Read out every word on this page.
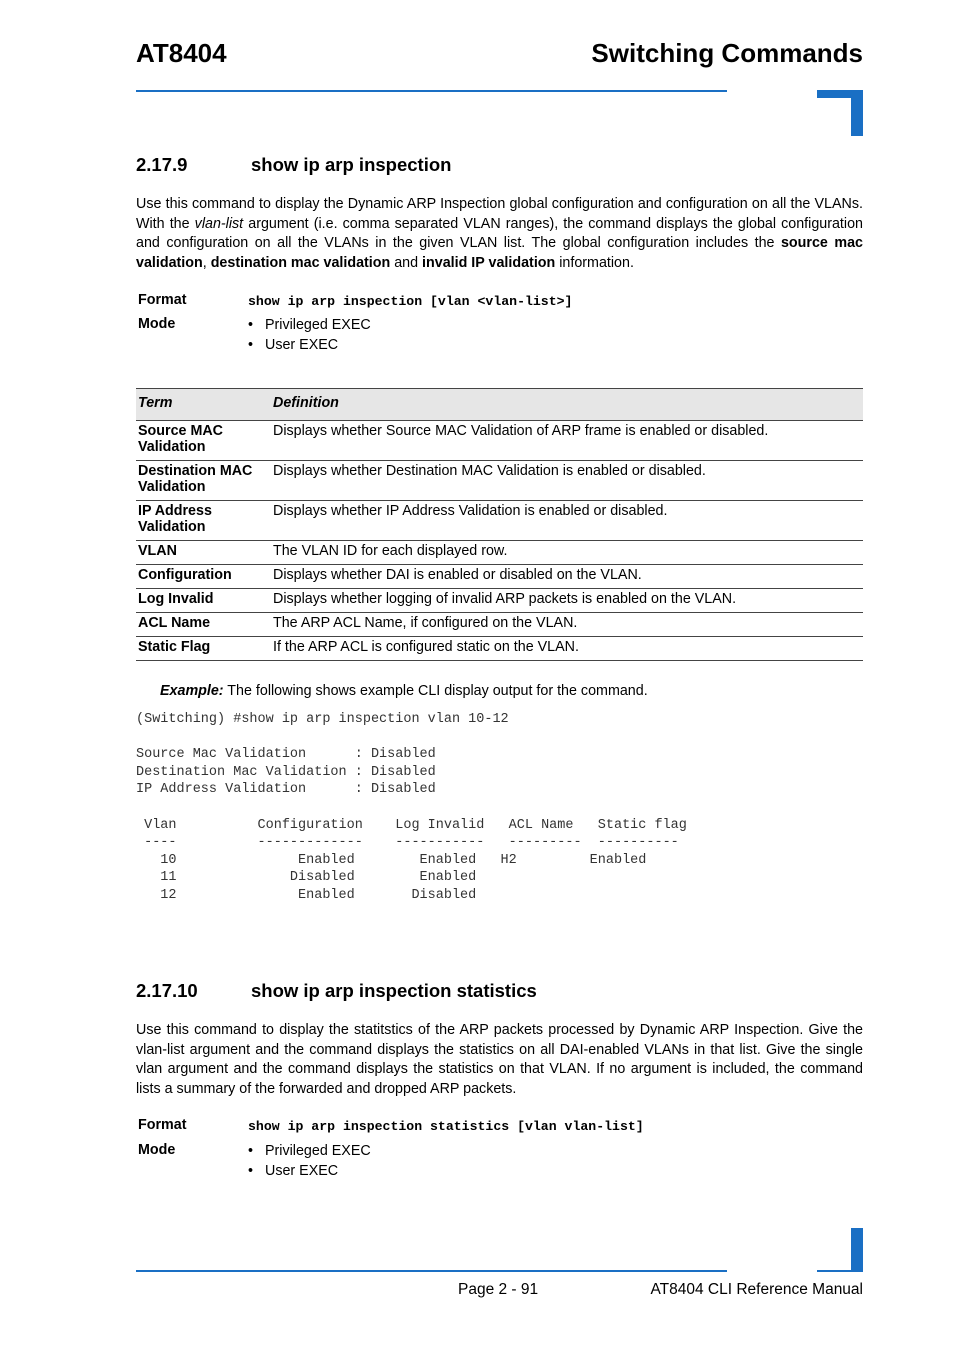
AT8404	Switching Commands
2.17.9	show ip arp inspection
Use this command to display the Dynamic ARP Inspection global configuration and configuration on all the VLANs. With the vlan-list argument (i.e. comma separated VLAN ranges), the command displays the global configuration and configuration on all the VLANs in the given VLAN list. The global configuration includes the source mac validation, destination mac validation and invalid IP validation information.
Format	show ip arp inspection [vlan <vlan-list>]
Mode	• Privileged EXEC
• User EXEC
Term	Definition
Source MAC Validation	Displays whether Source MAC Validation of ARP frame is enabled or disabled.
Destination MAC Validation	Displays whether Destination MAC Validation is enabled or disabled.
IP Address Validation	Displays whether IP Address Validation is enabled or disabled.
VLAN	The VLAN ID for each displayed row.
Configuration	Displays whether DAI is enabled or disabled on the VLAN.
Log Invalid	Displays whether logging of invalid ARP packets is enabled on the VLAN.
ACL Name	The ARP ACL Name, if configured on the VLAN.
Static Flag	If the ARP ACL is configured static on the VLAN.
Example: The following shows example CLI display output for the command.
(Switching) #show ip arp inspection vlan 10-12

Source Mac Validation      : Disabled
Destination Mac Validation : Disabled
IP Address Validation      : Disabled

Vlan          Configuration    Log Invalid   ACL Name   Static flag
----          -------------    -----------   ---------  ----------
10               Enabled        Enabled   H2         Enabled
11              Disabled        Enabled
12               Enabled       Disabled
2.17.10	show ip arp inspection statistics
Use this command to display the statitstics of the ARP packets processed by Dynamic ARP Inspection. Give the vlan-list argument and the command displays the statistics on all DAI-enabled VLANs in that list. Give the single vlan argument and the command displays the statistics on that VLAN. If no argument is included, the command lists a summary of the forwarded and dropped ARP packets.
Format	show ip arp inspection statistics [vlan vlan-list]
Mode	• Privileged EXEC
• User EXEC
Page 2 - 91	AT8404 CLI Reference Manual
